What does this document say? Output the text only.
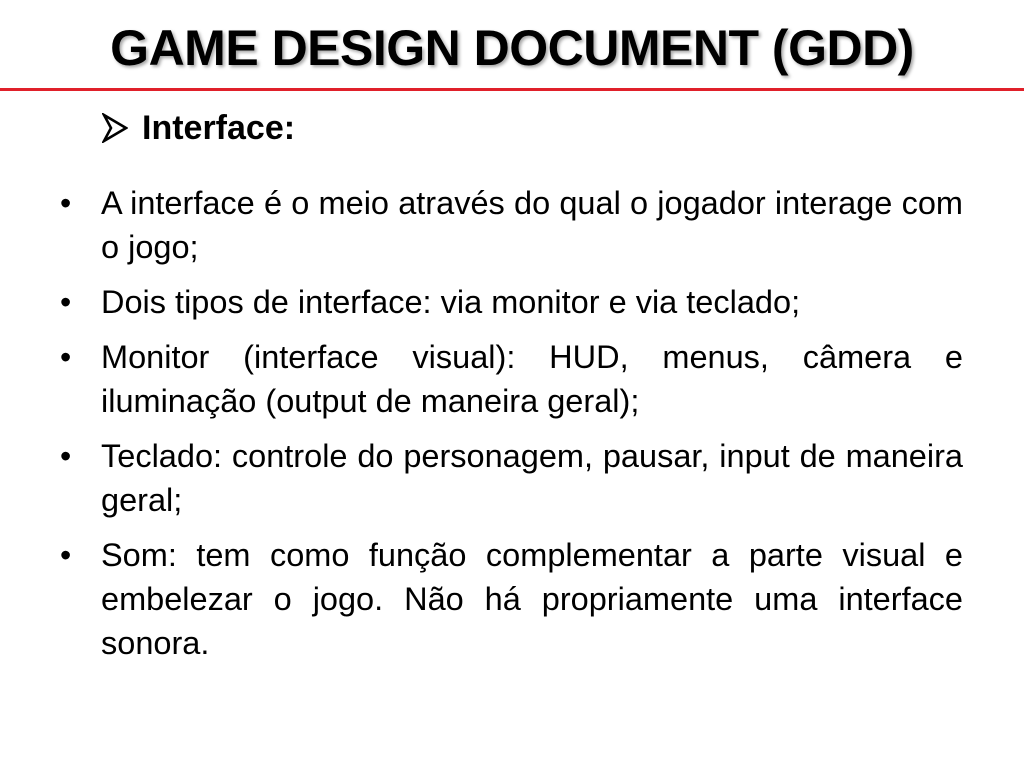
GAME DESIGN DOCUMENT (GDD)
Interface:
• A interface é o meio através do qual o jogador interage com o jogo;
• Dois tipos de interface: via monitor e via teclado;
• Monitor (interface visual): HUD, menus, câmera e iluminação (output de maneira geral);
• Teclado: controle do personagem, pausar, input de maneira geral;
• Som: tem como função complementar a parte visual e embelezar o jogo. Não há propriamente uma interface sonora.
